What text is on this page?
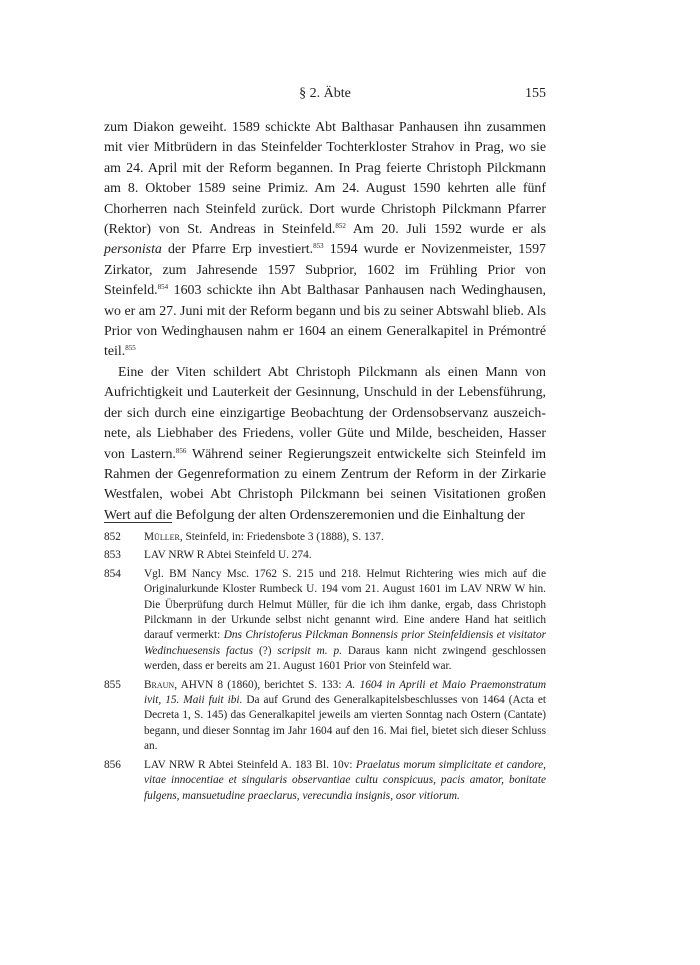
§ 2. Äbte	155

zum Diakon geweiht. 1589 schickte Abt Balthasar Panhausen ihn zusammen mit vier Mitbrüdern in das Steinfelder Tochterkloster Strahov in Prag, wo sie am 24. April mit der Reform begannen. In Prag feierte Christoph Pilckmann am 8. Oktober 1589 seine Primiz. Am 24. August 1590 kehrten alle fünf Chorherren nach Steinfeld zurück. Dort wurde Christoph Pilckmann Pfarrer (Rektor) von St. Andreas in Steinfeld.$^{852}$ Am 20. Juli 1592 wurde er als personista der Pfarre Erp investiert.$^{853}$ 1594 wurde er Novizenmeister, 1597 Zirkator, zum Jahresende 1597 Subprior, 1602 im Frühling Prior von Steinfeld.$^{854}$ 1603 schickte ihn Abt Balthasar Panhausen nach Wedinghausen, wo er am 27. Juni mit der Reform begann und bis zu seiner Abtswahl blieb. Als Prior von Wedinghausen nahm er 1604 an einem Generalkapitel in Prémontré teil.$^{855}$

Eine der Viten schildert Abt Christoph Pilckmann als einen Mann von Aufrichtigkeit und Lauterkeit der Gesinnung, Unschuld in der Lebensführung, der sich durch eine einzigartige Beobachtung der Ordensobservanz auszeichnete, als Liebhaber des Friedens, voller Güte und Milde, bescheiden, Hasser von Lastern.$^{856}$ Während seiner Regierungszeit entwickelte sich Steinfeld im Rahmen der Gegenreformation zu einem Zentrum der Reform in der Zirkarie Westfalen, wobei Abt Christoph Pilckmann bei seinen Visitationen großen Wert auf die Befolgung der alten Ordenszeremonien und die Einhaltung der

852 Müller, Steinfeld, in: Friedensbote 3 (1888), S. 137.
853 LAV NRW R Abtei Steinfeld U. 274.
854 Vgl. BM Nancy Msc. 1762 S. 215 und 218. Helmut Richtering wies mich auf die Originalurkunde Kloster Rumbeck U. 194 vom 21. August 1601 im LAV NRW W hin. Die Überprüfung durch Helmut Müller, für die ich ihm danke, ergab, dass Christoph Pilckmann in der Urkunde selbst nicht genannt wird. Eine andere Hand hat seitlich darauf vermerkt: Dns Christoferus Pilckman Bonnensis prior Steinfeldiensis et visitator Wedinchuesensis factus (?) scripsit m. p. Daraus kann nicht zwingend geschlossen werden, dass er bereits am 21. August 1601 Prior von Steinfeld war.
855 Braun, AHVN 8 (1860), berichtet S. 133: A. 1604 in Aprili et Maio Praemonstratum ivit, 15. Maii fuit ibi. Da auf Grund des Generalkapitelsbeschlusses von 1464 (Acta et Decreta 1, S. 145) das Generalkapitel jeweils am vierten Sonntag nach Ostern (Cantate) begann, und dieser Sonntag im Jahr 1604 auf den 16. Mai fiel, bietet sich dieser Schluss an.
856 LAV NRW R Abtei Steinfeld A. 183 Bl. 10v: Praelatus morum simplicitate et candore, vitae innocentiae et singularis observantiae cultu conspicuus, pacis amator, bonitate fulgens, mansuetudine praeclarus, verecundia insignis, osor vitiorum.
